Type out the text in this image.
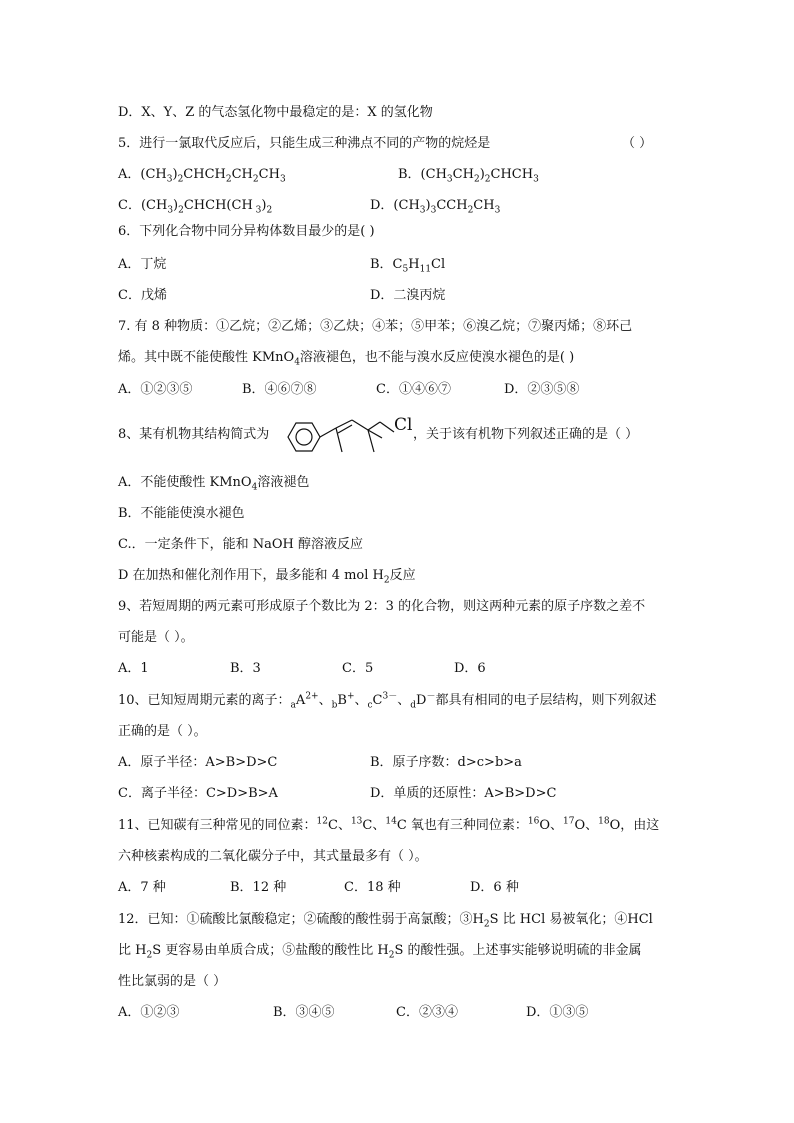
D．X、Y、Z 的气态氢化物中最稳定的是：X 的氢化物
5．进行一氯取代反应后，只能生成三种沸点不同的产物的烷烃是	（ ）
A．$(CH_3)_2CHCH_2CH_2CH_3$	B．$(CH_3CH_2)_2CHCH_3$
C．$(CH_3)_2CHCH(CH$ $_3)_2$	D．$(CH_3)_3CCH_2CH_3$
6．下列化合物中同分异构体数目最少的是( )
A．丁烷	B．$C_5H_{11}Cl$
C．戊烯	D．二溴丙烷
7. 有 8 种物质：①乙烷；②乙烯；③乙炔；④苯；⑤甲苯；⑥溴乙烷；⑦聚丙烯；⑧环己
烯。其中既不能使酸性 KMnO$_4$溶液褪色，也不能与溴水反应使溴水褪色的是( )
A．①②③⑤	B．④⑥⑦⑧	C．①④⑥⑦	D．②③⑤⑧
8、某有机物其结构简式为	Cl ，关于该有机物下列叙述正确的是（ ）
A．不能使酸性 KMnO$_4$溶液褪色
B．不能能使溴水褪色
C.．一定条件下，能和 NaOH 醇溶液反应
D 在加热和催化剂作用下，最多能和 4 mol $H_2$反应
9、若短周期的两元素可形成原子个数比为 2：3 的化合物，则这两种元素的原子序数之差不
可能是（ ）。
A．1	B．3	C．5	D．6
10、已知短周期元素的离子：$_aA^{2+}$、$_b$B+、$_cC^{3-}$、$_d$D－都具有相同的电子层结构，则下列叙述
正确的是（ ）。
A．原子半径：A>B>D>C	B．原子序数：d>c>b>a
C．离子半径：C>D>B>A	D．单质的还原性：A>B>D>C
11、已知碳有三种常见的同位素：$^{12}$C、$^{13}$C、$^{14}$C 氧也有三种同位素：$^{16}$O、$^{17}$O、$^{18}$O，由这
六种核素构成的二氧化碳分子中，其式量最多有（ ）。
A．7 种	B．12 种	C．18 种	D．6 种
12．已知：①硫酸比氯酸稳定；②硫酸的酸性弱于高氯酸；$③H_2S$ 比 HCl 易被氧化；④HCl
比 $H_2S$ 更容易由单质合成；⑤盐酸的酸性比 $H_2S$ 的酸性强。上述事实能够说明硫的非金属
性比氯弱的是（ ）
A．①②③	B．③④⑤	C．②③④	D．①③⑤
